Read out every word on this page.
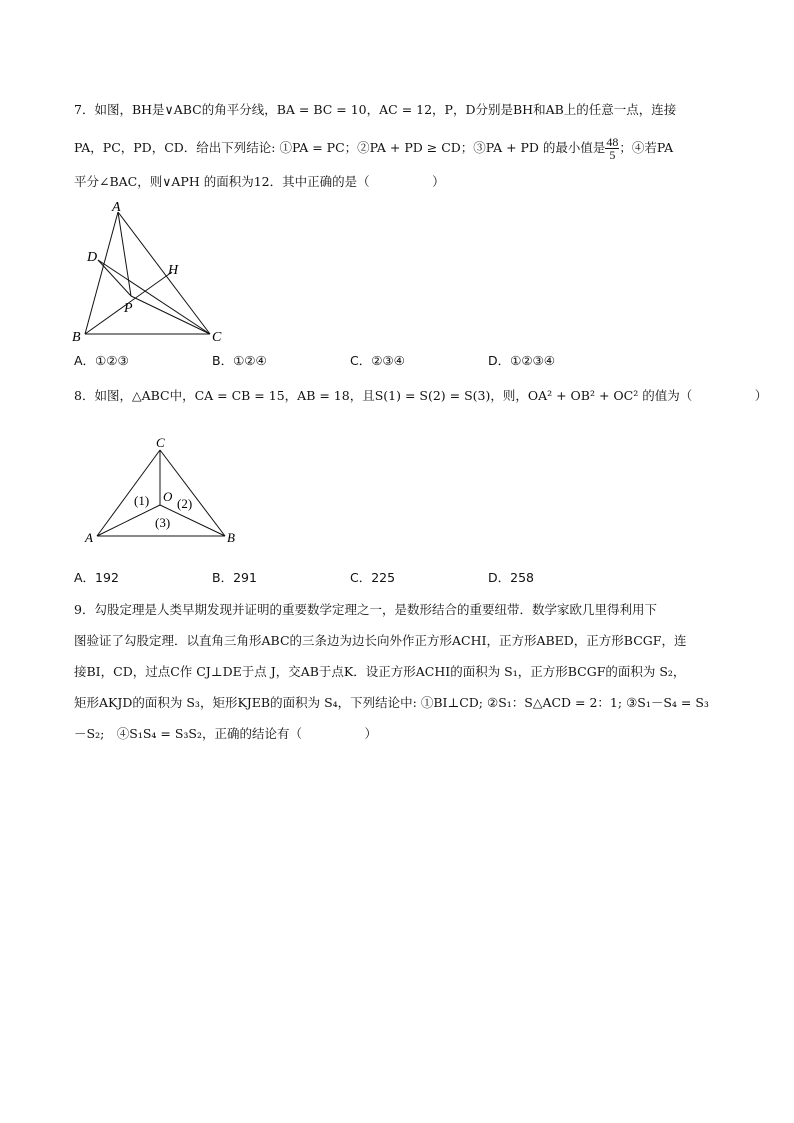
7．如图，BH是∨ABC的角平分线，BA = BC = 10，AC = 12，P，D分别是BH和AB上的任意一点，连接
PA，PC，PD，CD．给出下列结论: ①PA = PC；②PA + PD ≥ CD；③PA + PD 的最小值是 $\frac{48}{5}$ ；④若PA
平分∠BAC，则∨APH 的面积为12．其中正确的是（　　　　　）
A
D
H
P
B	C
A．①②③	B．①②④	C．②③④	D．①②③④
8．如图，△ABC中，CA = CB = 15，AB = 18，且S(1) = S(2) = S(3)，则，OA² + OB² + OC² 的值为（　　　　　）
C
O
(1) (2)
(3)
A	B
A．192	B．291	C．225	D．258
9．勾股定理是人类早期发现并证明的重要数学定理之一，是数形结合的重要纽带．数学家欧几里得利用下
图验证了勾股定理．以直角三角形ABC的三条边为边长向外作正方形ACHI，正方形ABED，正方形BCGF，连
接BI，CD，过点C作 CJ⊥DE于点 J，交AB于点K．设正方形ACHI的面积为 S₁，正方形BCGF的面积为 S₂，
矩形AKJD的面积为 S₃，矩形KJEB的面积为 S₄，下列结论中: ①BI⊥CD; ②S₁：S△ACD = 2：1; ③S₁－S₄ = S₃
－S₂;　④S₁S₄ = S₃S₂，正确的结论有（　　　　　）
